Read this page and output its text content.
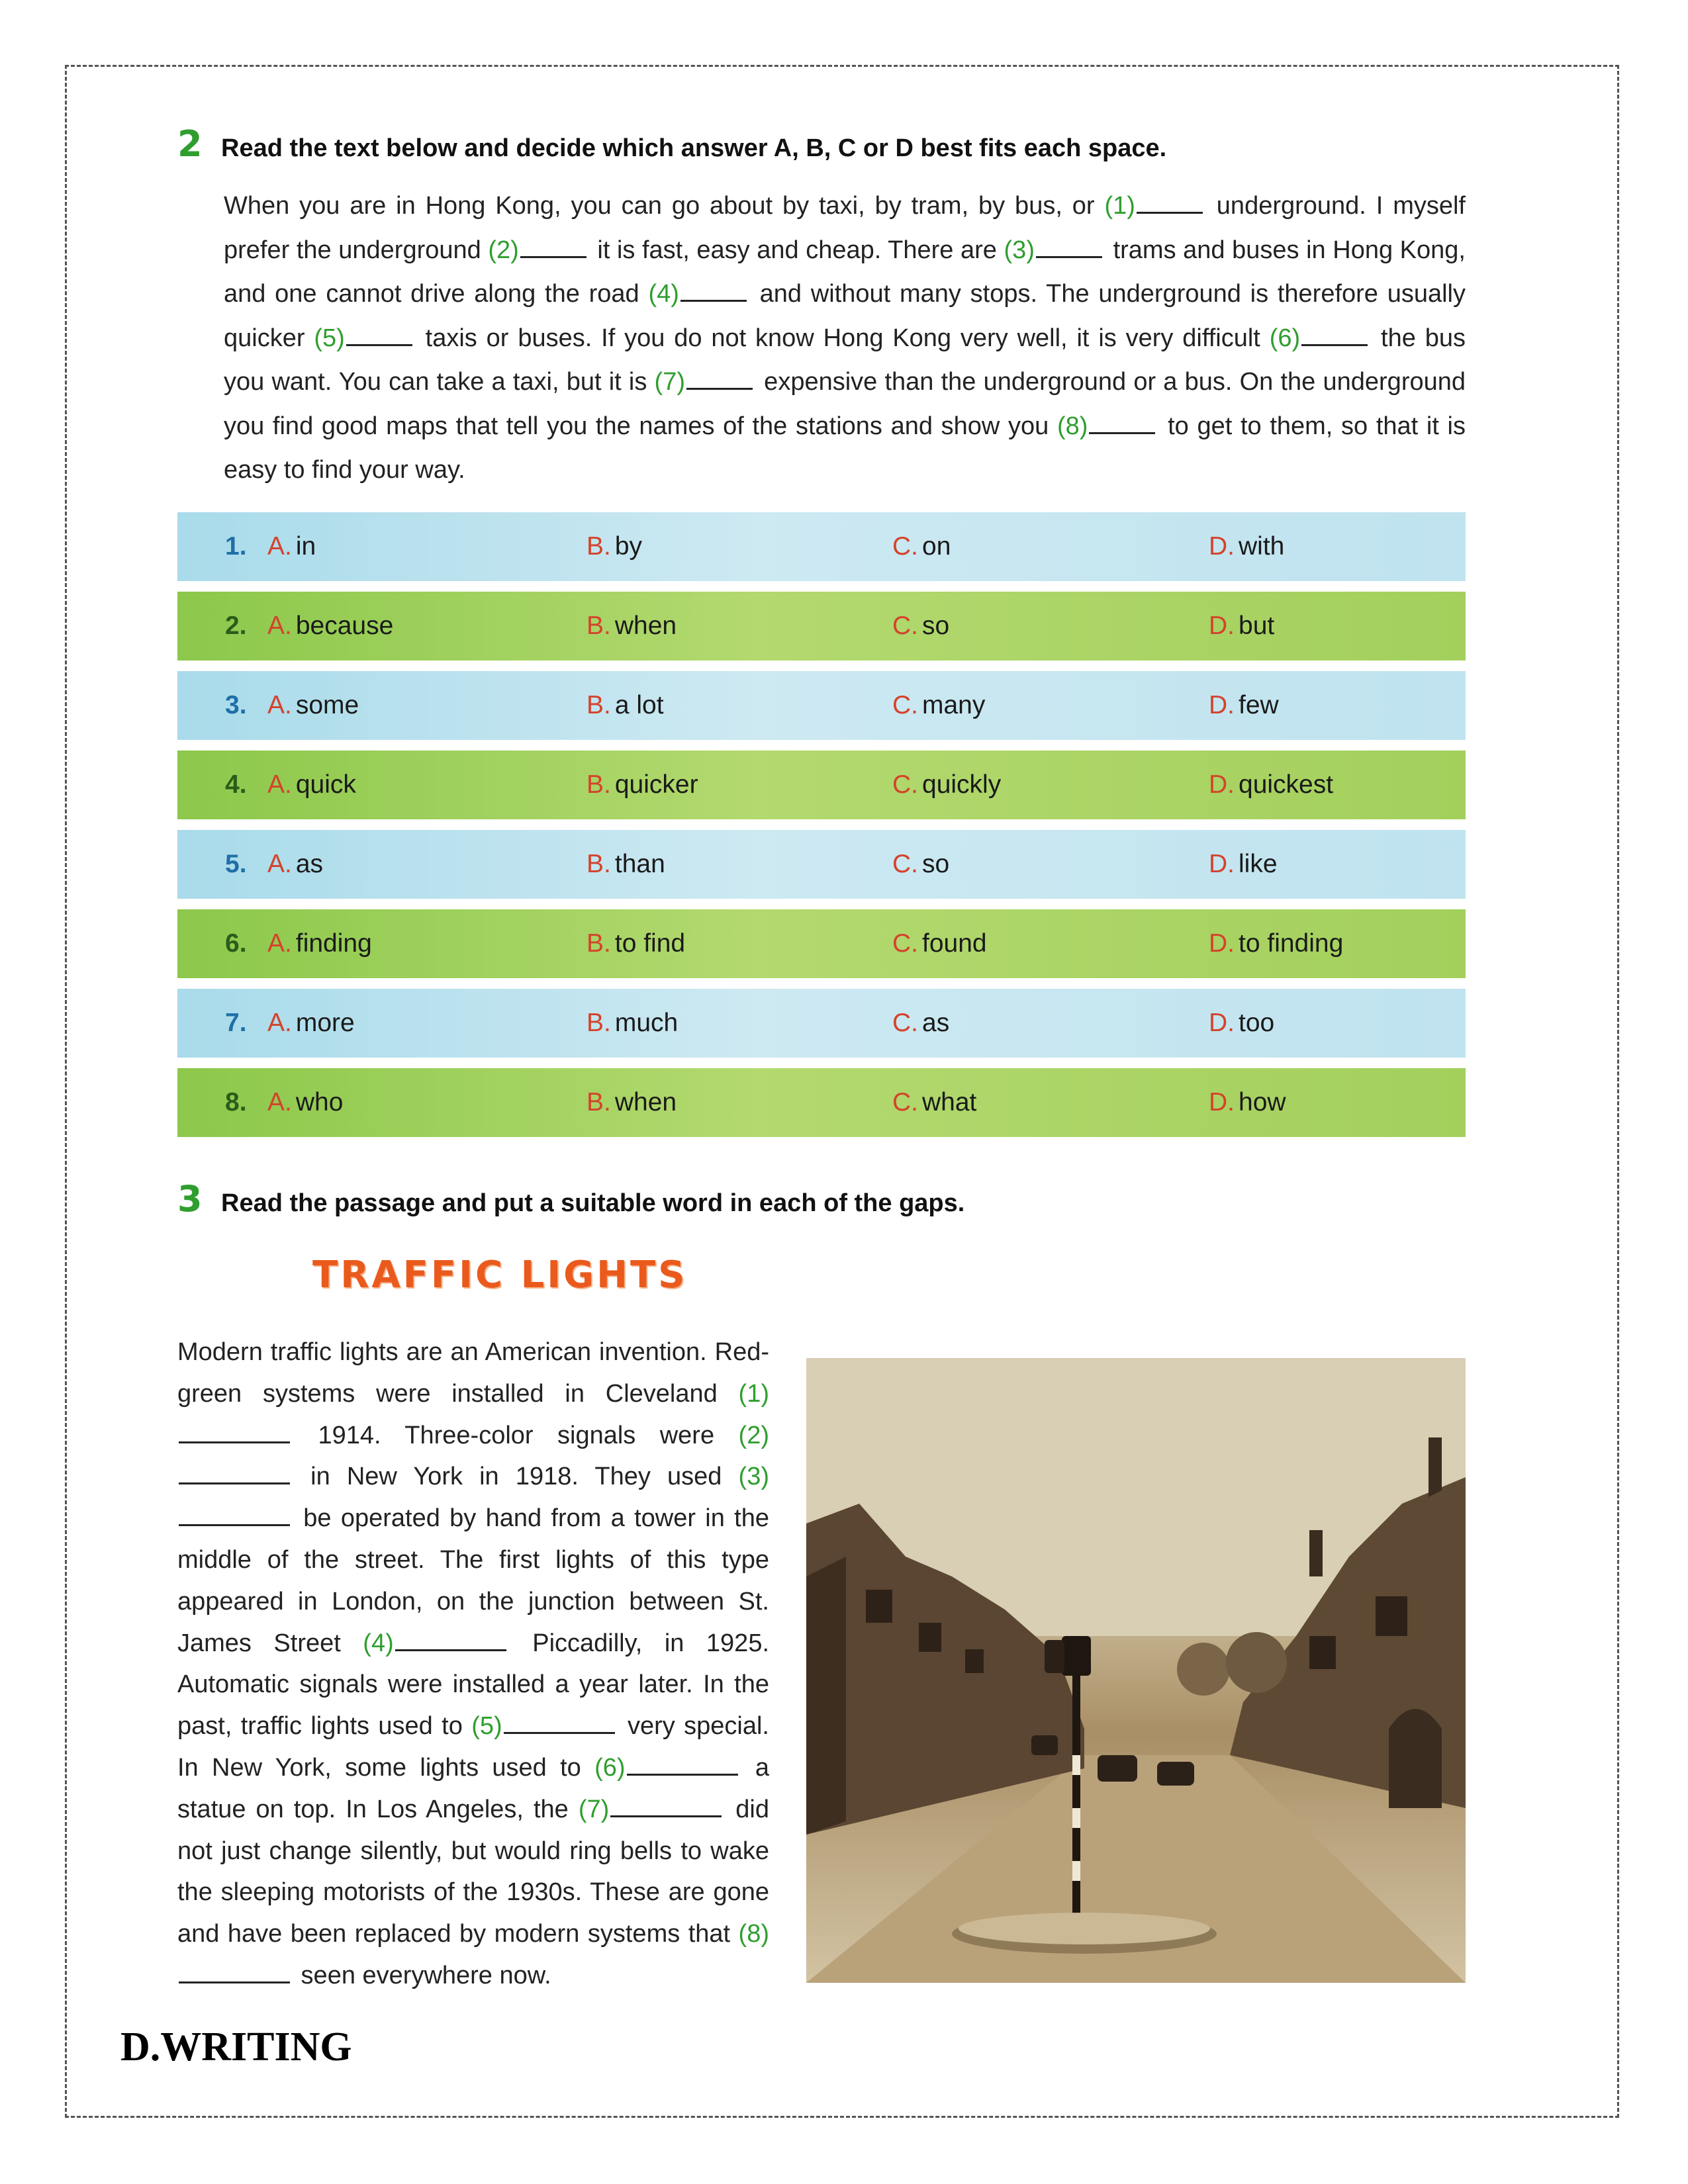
2 Read the text below and decide which answer A, B, C or D best fits each space.
When you are in Hong Kong, you can go about by taxi, by tram, by bus, or (1)	underground. I myself prefer the underground (2)	it is fast, easy and cheap. There are (3)	trams and buses in Hong Kong, and one cannot drive along the road (4)	and without many stops. The underground is therefore usually quicker (5)	taxis or buses. If you do not know Hong Kong very well, it is very difficult (6)	the bus you want. You can take a taxi, but it is (7)	expensive than the underground or a bus. On the underground you find good maps that tell you the names of the stations and show you (8)	to get to them, so that it is easy to find your way.
1. A. in	B. by	C. on	D. with
2. A. because	B. when	C. so	D. but
3. A. some	B. a lot	C. many	D. few
4. A. quick	B. quicker	C. quickly	D. quickest
5. A. as	B. than	C. so	D. like
6. A. finding	B. to find	C. found	D. to finding
7. A. more	B. much	C. as	D. too
8. A. who	B. when	C. what	D. how
3 Read the passage and put a suitable word in each of the gaps.
TRAFFIC LIGHTS
Modern traffic lights are an American invention. Red-green systems were installed in Cleveland (1) 1914. Three-color signals were (2) in New York in 1918. They used (3) be operated by hand from a tower in the middle of the street. The first lights of this type appeared in London, on the junction between St. James Street (4)	Piccadilly, in 1925. Automatic signals were installed a year later. In the past, traffic lights used to (5)	very special. In New York, some lights used to (6)	a statue on top. In Los Angeles, the (7)	did not just change silently, but would ring bells to wake the sleeping motorists of the 1930s. These are gone and have been replaced by modern systems that (8) seen everywhere now.
D.WRITING
